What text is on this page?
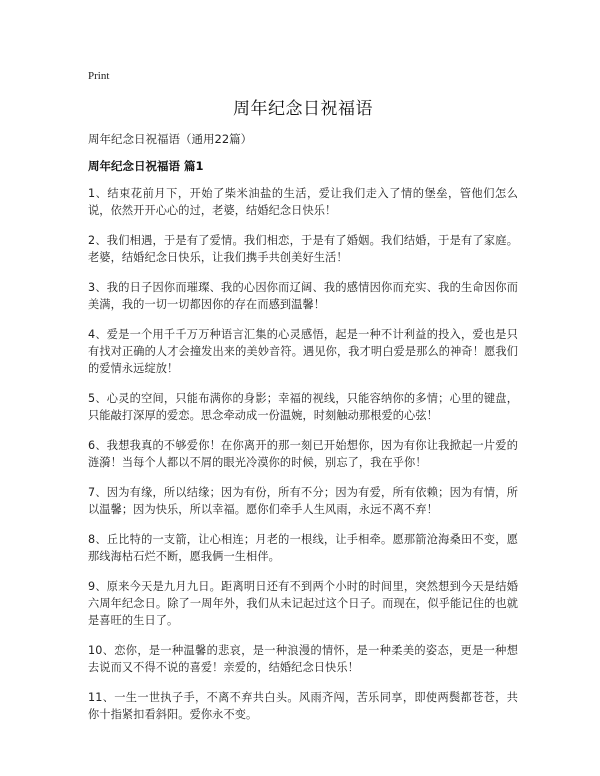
Print
周年纪念日祝福语
周年纪念日祝福语（通用22篇）
周年纪念日祝福语 篇1

1、结束花前月下，开始了柴米油盐的生活，爱让我们走入了情的堡垒，管他们怎么说，依然开开心心的过，老婆，结婚纪念日快乐！

2、我们相遇，于是有了爱情。我们相恋，于是有了婚姻。我们结婚，于是有了家庭。老婆，结婚纪念日快乐，让我们携手共创美好生活！

3、我的日子因你而璀璨、我的心因你而辽阔、我的感情因你而充实、我的生命因你而美满，我的一切一切都因你的存在而感到温馨！

4、爱是一个用千千万万种语言汇集的心灵感悟，起是一种不计利益的投入，爱也是只有找对正确的人才会撞发出来的美妙音符。遇见你，我才明白爱是那么的神奇！愿我们的爱情永远绽放！

5、心灵的空间，只能布满你的身影；幸福的视线，只能容纳你的多情；心里的键盘，只能敲打深厚的爱恋。思念牵动成一份温婉，时刻触动那根爱的心弦！

6、我想我真的不够爱你！在你离开的那一刻已开始想你，因为有你让我掀起一片爱的涟漪！当每个人都以不屑的眼光冷漠你的时候，别忘了，我在乎你！

7、因为有缘，所以结缘；因为有份，所有不分；因为有爱，所有依赖；因为有情，所以温馨；因为快乐，所以幸福。愿你们牵手人生风雨，永远不离不弃！

8、丘比特的一支箭，让心相连；月老的一根线，让手相牵。愿那箭沧海桑田不变，愿那线海枯石烂不断，愿我俩一生相伴。

9、原来今天是九月九日。距离明日还有不到两个小时的时间里，突然想到今天是结婚六周年纪念日。除了一周年外，我们从未记起过这个日子。而现在，似乎能记住的也就是喜旺的生日了。

10、恋你，是一种温馨的悲哀，是一种浪漫的情怀，是一种柔美的姿态，更是一种想去说而又不得不说的喜爱！亲爱的，结婚纪念日快乐！

11、一生一世执子手，不离不弃共白头。风雨齐闯，苦乐同享，即使两鬓都苍苍，共你十指紧扣看斜阳。爱你永不变。
